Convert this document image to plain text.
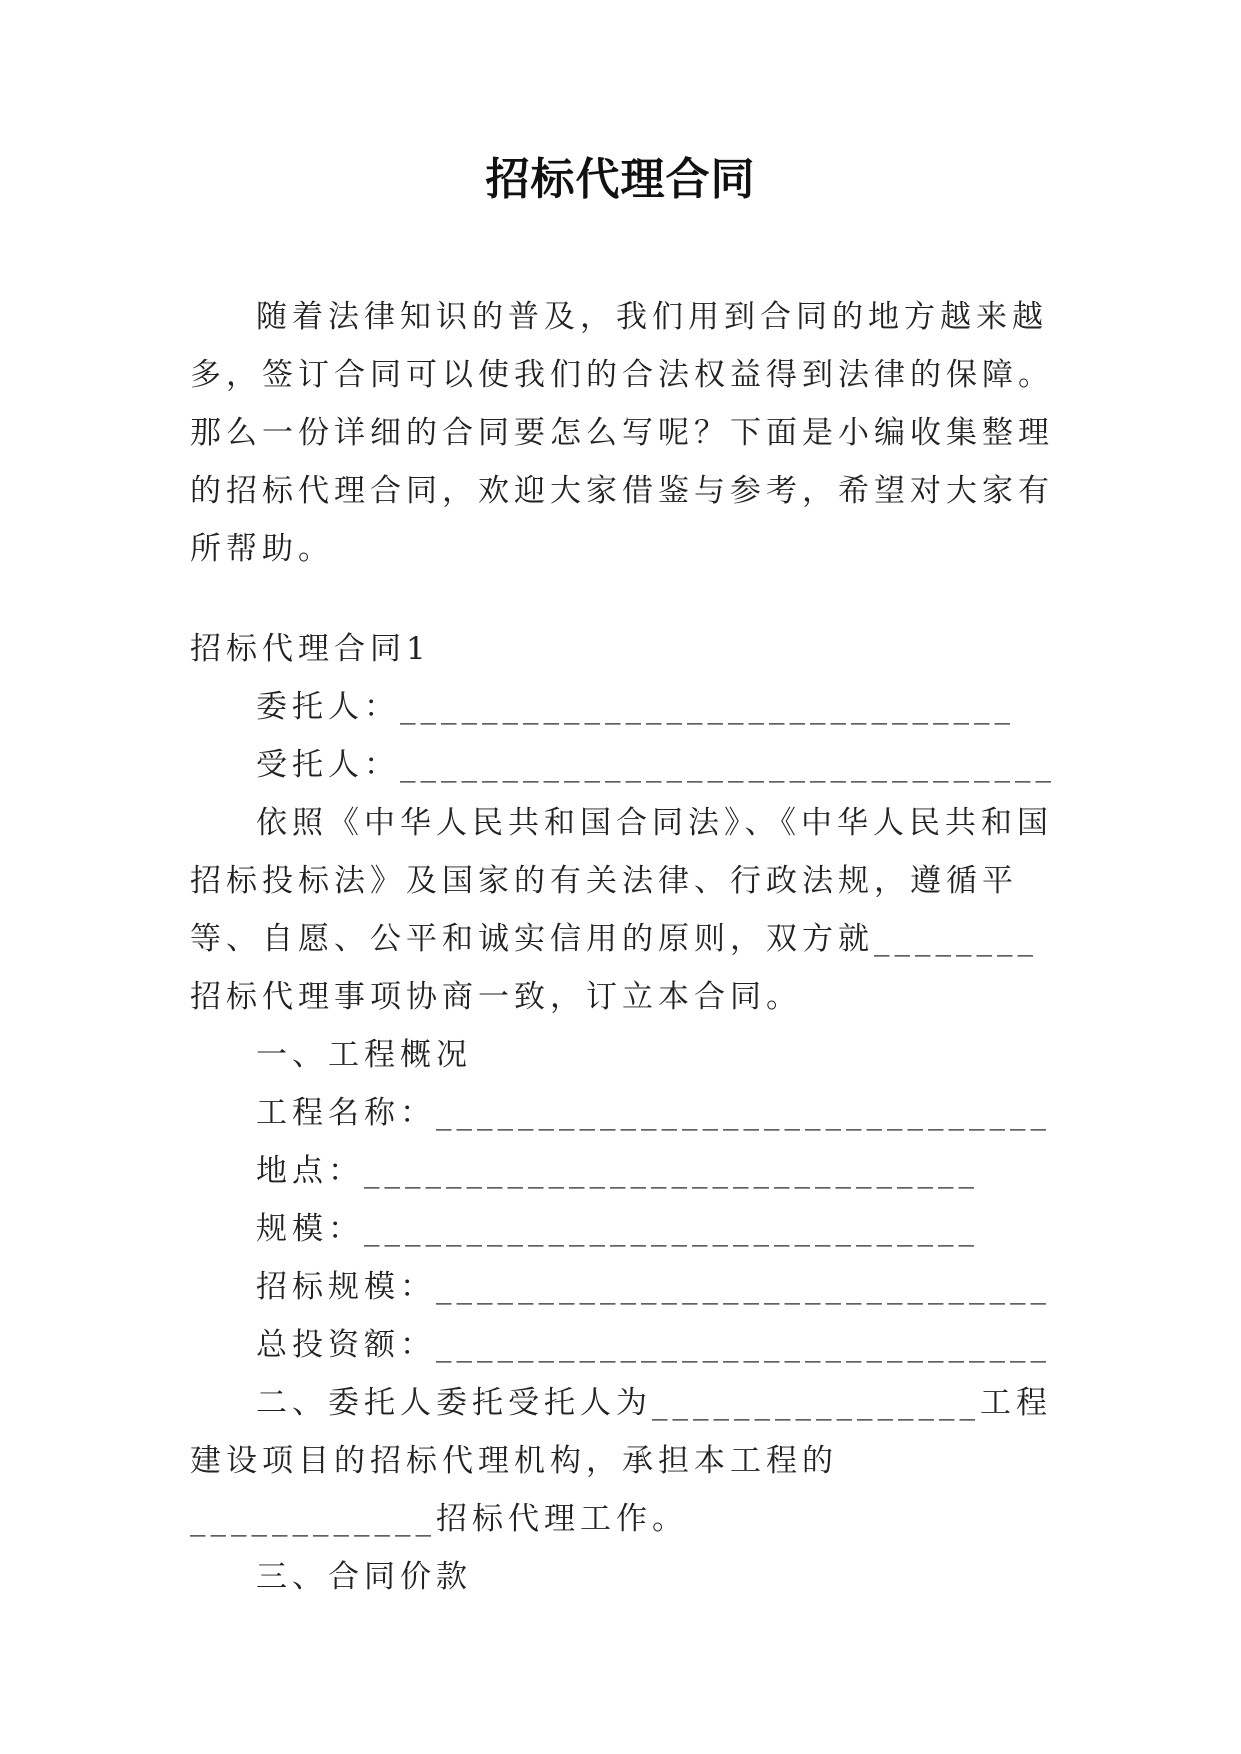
招标代理合同

随着法律知识的普及，我们用到合同的地方越来越多，签订合同可以使我们的合法权益得到法律的保障。那么一份详细的合同要怎么写呢？下面是小编收集整理的招标代理合同，欢迎大家借鉴与参考，希望对大家有所帮助。

招标代理合同1

委托人：______________________________

受托人：________________________________

依照《中华人民共和国合同法》、《中华人民共和国招标投标法》及国家的有关法律、行政法规，遵循平等、自愿、公平和诚实信用的原则，双方就________招标代理事项协商一致，订立本合同。

一、工程概况

工程名称：______________________________

地点：______________________________

规模：______________________________

招标规模：______________________________

总投资额：______________________________

二、委托人委托受托人为________________工程建设项目的招标代理机构，承担本工程的____________招标代理工作。

三、合同价款
